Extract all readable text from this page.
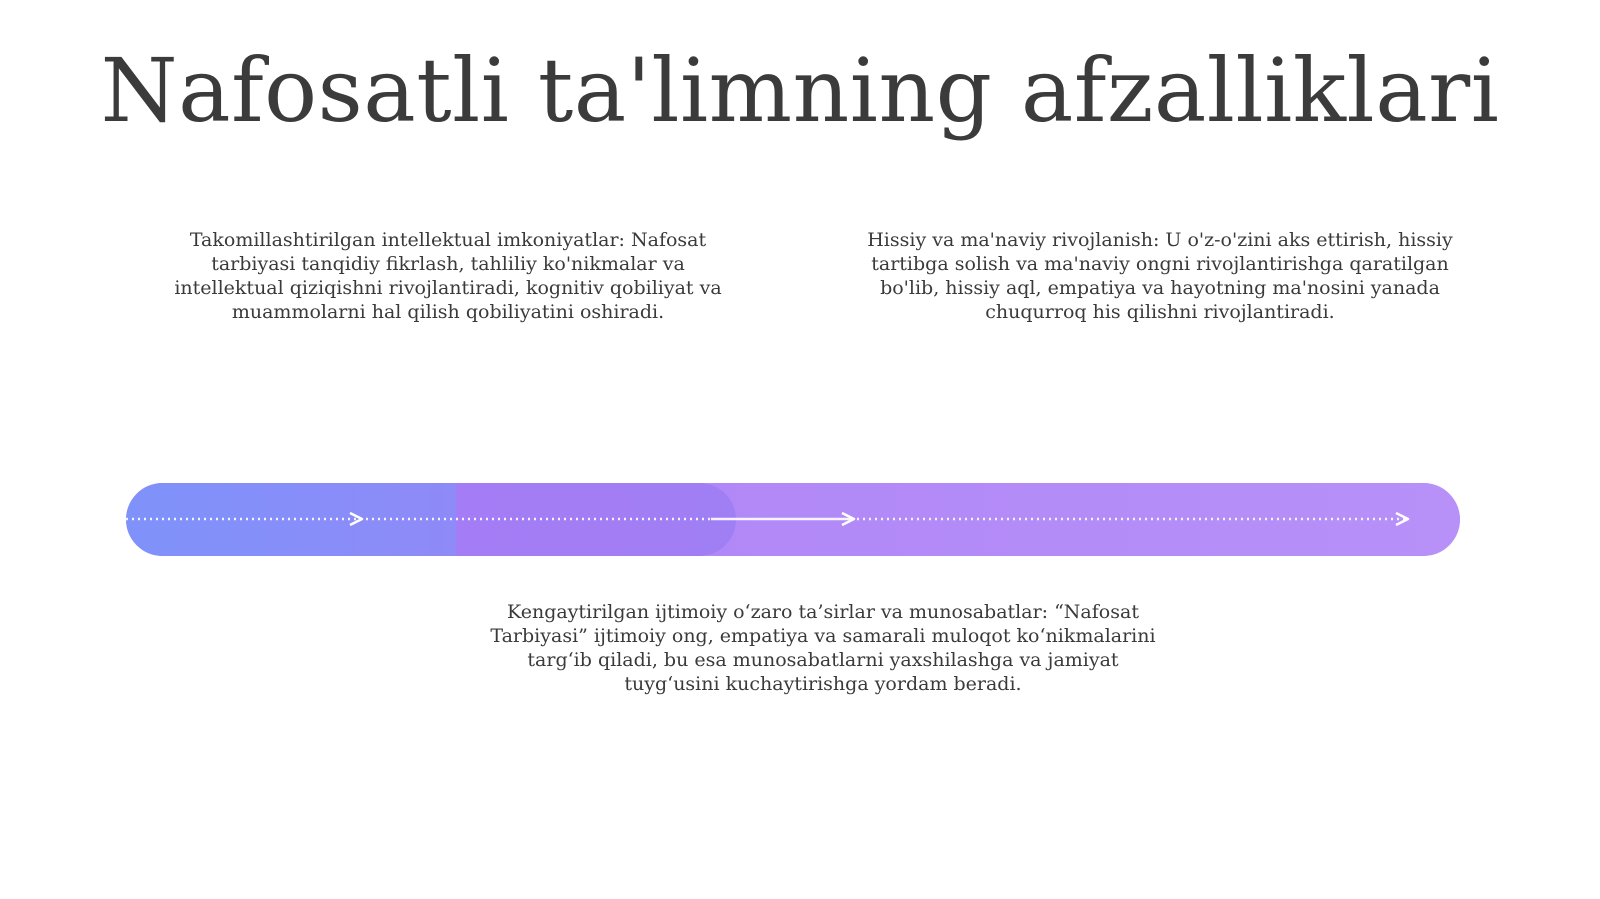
Nafosatli ta'limning afzalliklari
Takomillashtirilgan intellektual imkoniyatlar: Nafosat tarbiyasi tanqidiy fikrlash, tahliliy ko'nikmalar va intellektual qiziqishni rivojlantiradi, kognitiv qobiliyat va muammolarni hal qilish qobiliyatini oshiradi.
Hissiy va ma'naviy rivojlanish: U o'z-o'zini aks ettirish, hissiy tartibga solish va ma'naviy ongni rivojlantirishga qaratilgan bo'lib, hissiy aql, empatiya va hayotning ma'nosini yanada chuqurroq his qilishni rivojlantiradi.
Kengaytirilgan ijtimoiy o‘zaro ta’sirlar va munosabatlar: “Nafosat Tarbiyasi” ijtimoiy ong, empatiya va samarali muloqot ko‘nikmalarini targ‘ib qiladi, bu esa munosabatlarni yaxshilashga va jamiyat tuyg‘usini kuchaytirishga yordam beradi.
